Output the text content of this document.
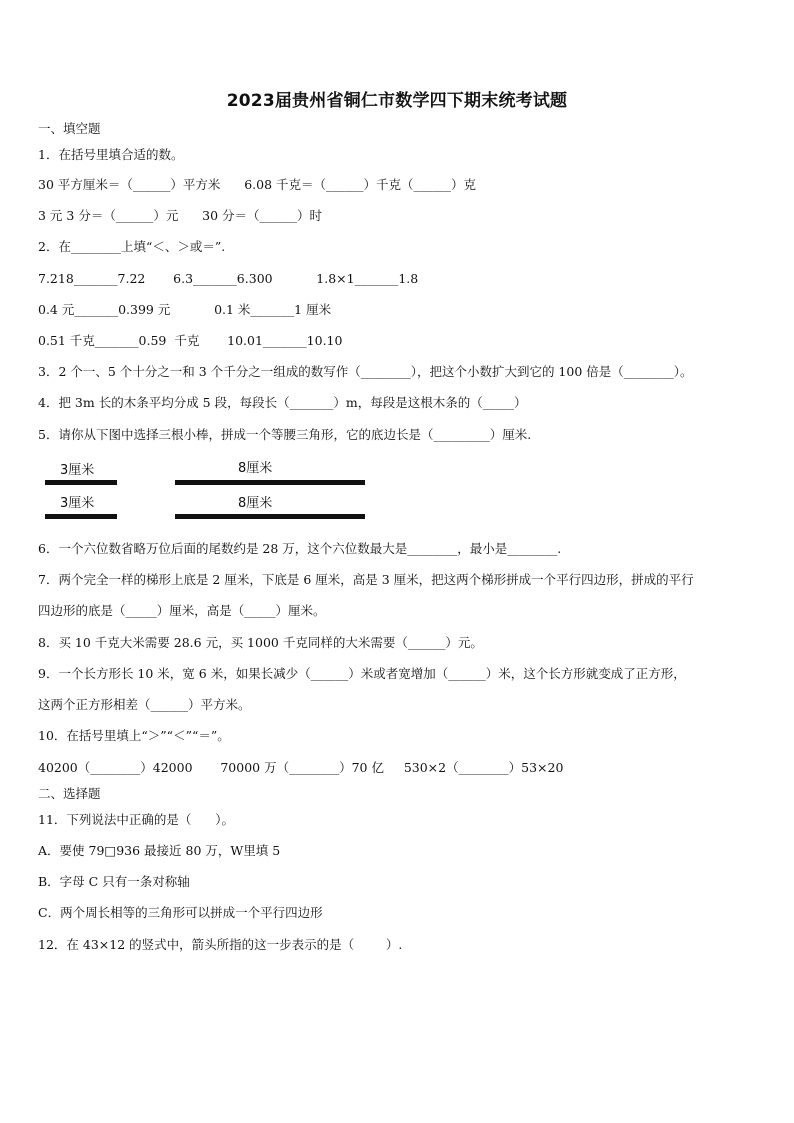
2023届贵州省铜仁市数学四下期末统考试题
一、填空题
1．在括号里填合适的数。
30 平方厘米＝（______）平方米      6.08 千克＝（______）千克（______）克
3 元 3 分＝（______）元      30 分＝（______）时
2．在________上填“＜、＞或＝”.
7.218_______7.22       6.3_______6.300           1.8×1_______1.8
0.4 元_______0.399 元           0.1 米_______1 厘米
0.51 千克_______0.59  千克       10.01_______10.10
3．2 个一、5 个十分之一和 3 个千分之一组成的数写作（________），把这个小数扩大到它的 100 倍是（________）。
4．把 3m 长的木条平均分成 5 段，每段长（_______）m，每段是这根木条的（_____）
5．请你从下图中选择三根小棒，拼成一个等腰三角形，它的底边长是（_________）厘米.
3厘米	8厘米
3厘米	8厘米
6．一个六位数省略万位后面的尾数约是 28 万，这个六位数最大是________，最小是________.
7．两个完全一样的梯形上底是 2 厘米，下底是 6 厘米，高是 3 厘米，把这两个梯形拼成一个平行四边形，拼成的平行
四边形的底是（_____）厘米，高是（_____）厘米。
8．买 10 千克大米需要 28.6 元，买 1000 千克同样的大米需要（______）元。
9．一个长方形长 10 米，宽 6 米，如果长减少（______）米或者宽增加（______）米，这个长方形就变成了正方形，
这两个正方形相差（______）平方米。
10．在括号里填上“＞”“＜”“＝”。
40200（________）42000       70000 万（________）70 亿     530×2（________）53×20
二、选择题
11．下列说法中正确的是（      ）。
A．要使 79□936 最接近 80 万，W里填 5
B．字母 C 只有一条对称轴
C．两个周长相等的三角形可以拼成一个平行四边形
12．在 43×12 的竖式中，箭头所指的这一步表示的是（        ）.
